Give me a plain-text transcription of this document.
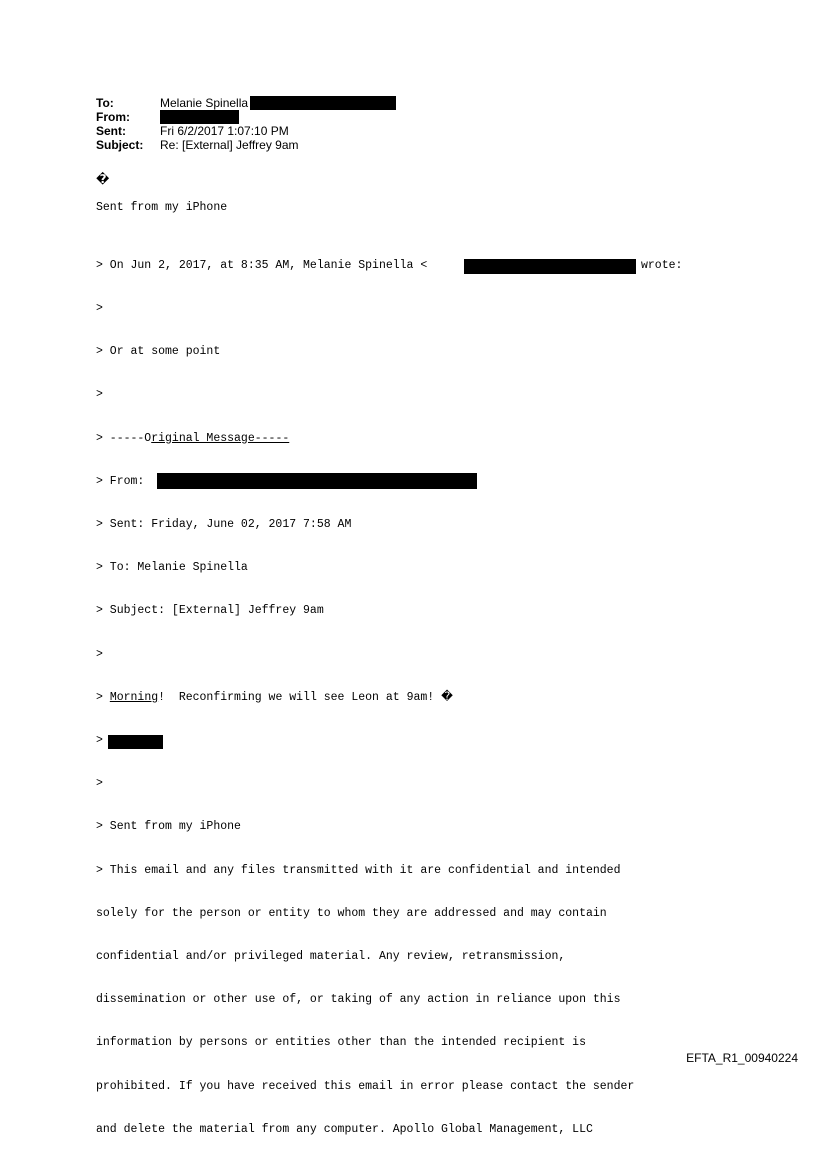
To:	Melanie Spinella
From:
Sent:	Fri 6/2/2017 1:07:10 PM
Subject:	Re: [External] Jeffrey 9am
�
Sent from my iPhone

> On Jun 2, 2017, at 8:35 AM, Melanie Spinella <	wrote:

>

> Or at some point

>

> -----Original Message-----

> From:

> Sent: Friday, June 02, 2017 7:58 AM

> To: Melanie Spinella

> Subject: [External] Jeffrey 9am

>

> Morning!  Reconfirming we will see Leon at 9am! �

>

>

> Sent from my iPhone

> This email and any files transmitted with it are confidential and intended

solely for the person or entity to whom they are addressed and may contain

confidential and/or privileged material. Any review, retransmission,

dissemination or other use of, or taking of any action in reliance upon this

information by persons or entities other than the intended recipient is

prohibited. If you have received this email in error please contact the sender

and delete the material from any computer. Apollo Global Management, LLC

EFTA_R1_00940224
